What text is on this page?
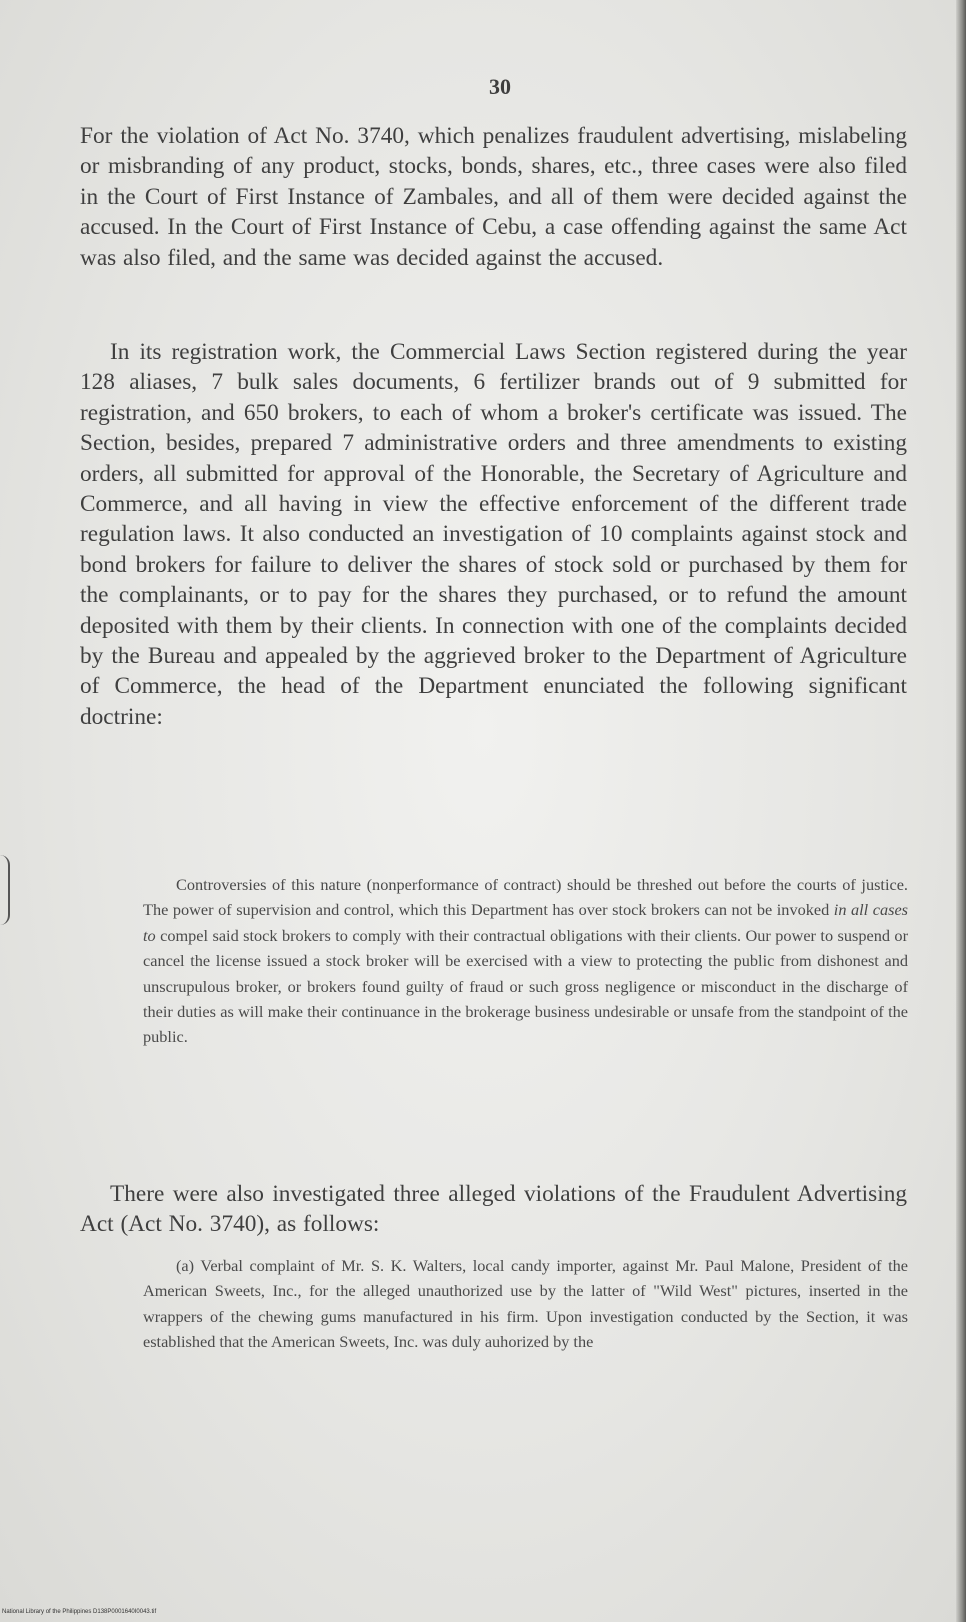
30

For the violation of Act No. 3740, which penalizes fraudulent advertising, mislabeling or misbranding of any product, stocks, bonds, shares, etc., three cases were also filed in the Court of First Instance of Zambales, and all of them were decided against the accused. In the Court of First Instance of Cebu, a case offending against the same Act was also filed, and the same was decided against the accused.

In its registration work, the Commercial Laws Section registered during the year 128 aliases, 7 bulk sales documents, 6 fertilizer brands out of 9 submitted for registration, and 650 brokers, to each of whom a broker's certificate was issued. The Section, besides, prepared 7 administrative orders and three amendments to existing orders, all submitted for approval of the Honorable, the Secretary of Agriculture and Commerce, and all having in view the effective enforcement of the different trade regulation laws. It also conducted an investigation of 10 complaints against stock and bond brokers for failure to deliver the shares of stock sold or purchased by them for the complainants, or to pay for the shares they purchased, or to refund the amount deposited with them by their clients. In connection with one of the complaints decided by the Bureau and appealed by the aggrieved broker to the Department of Agriculture of Commerce, the head of the Department enunciated the following significant doctrine:

Controversies of this nature (nonperformance of contract) should be threshed out before the courts of justice. The power of supervision and control, which this Department has over stock brokers can not be invoked in all cases to compel said stock brokers to comply with their contractual obligations with their clients. Our power to suspend or cancel the license issued a stock broker will be exercised with a view to protecting the public from dishonest and unscrupulous broker, or brokers found guilty of fraud or such gross negligence or misconduct in the discharge of their duties as will make their continuance in the brokerage business undesirable or unsafe from the standpoint of the public.

There were also investigated three alleged violations of the Fraudulent Advertising Act (Act No. 3740), as follows:

(a) Verbal complaint of Mr. S. K. Walters, local candy importer, against Mr. Paul Malone, President of the American Sweets, Inc., for the alleged unauthorized use by the latter of "Wild West" pictures, inserted in the wrappers of the chewing gums manufactured in his firm. Upon investigation conducted by the Section, it was established that the American Sweets, Inc. was duly auhorized by the

National Library of the Philippines D138P0001640I0043.tif
